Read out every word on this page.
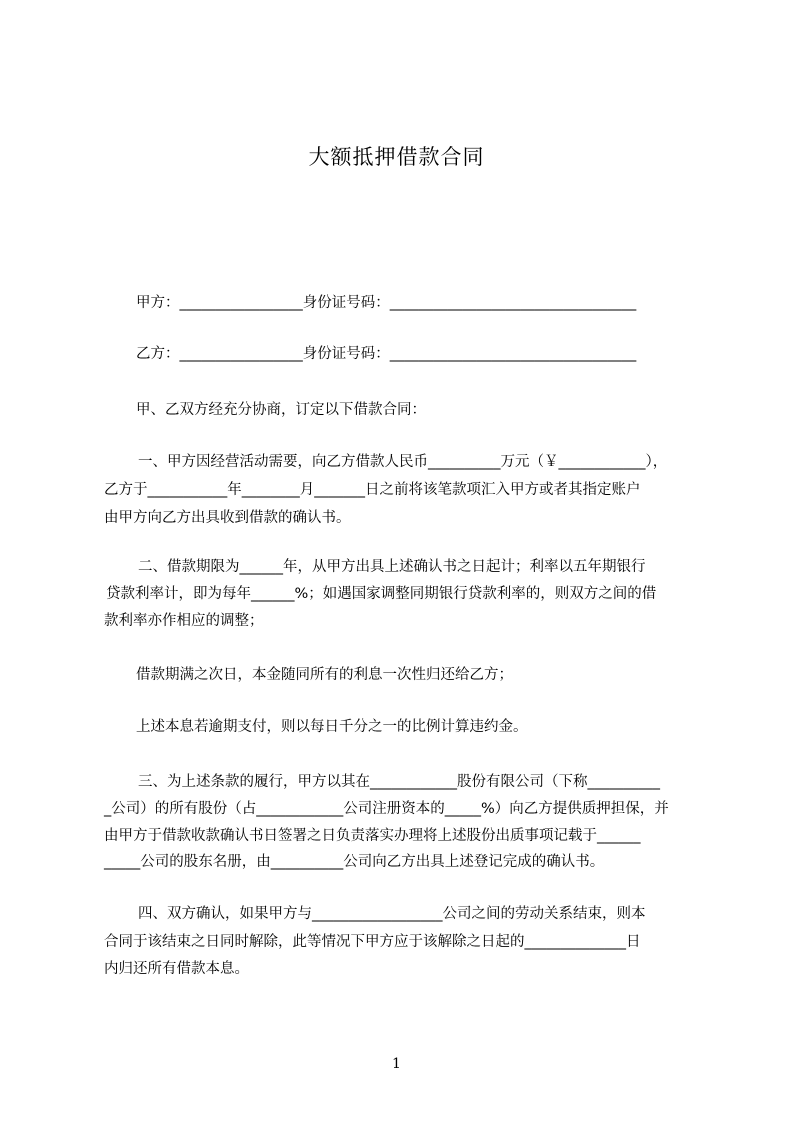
大额抵押借款合同
甲方：_________________身份证号码：__________________________________
乙方：_________________身份证号码：__________________________________
甲、乙双方经充分协商，订定以下借款合同：
一、甲方因经营活动需要，向乙方借款人民币__________万元（￥____________），
乙方于___________年________月_______日之前将该笔款项汇入甲方或者其指定账户
由甲方向乙方出具收到借款的确认书。
二、借款期限为______年，从甲方出具上述确认书之日起计；利率以五年期银行
贷款利率计，即为每年______%；如遇国家调整同期银行贷款利率的，则双方之间的借
款利率亦作相应的调整；
借款期满之次日，本金随同所有的利息一次性归还给乙方；
上述本息若逾期支付，则以每日千分之一的比例计算违约金。
三、为上述条款的履行，甲方以其在____________股份有限公司（下称__________
_公司）的所有股份（占____________公司注册资本的_____%）向乙方提供质押担保，并
由甲方于借款收款确认书日签署之日负责落实办理将上述股份出质事项记载于______
_____公司的股东名册，由__________公司向乙方出具上述登记完成的确认书。
四、双方确认，如果甲方与__________________公司之间的劳动关系结束，则本
合同于该结束之日同时解除，此等情况下甲方应于该解除之日起的______________日
内归还所有借款本息。
1
